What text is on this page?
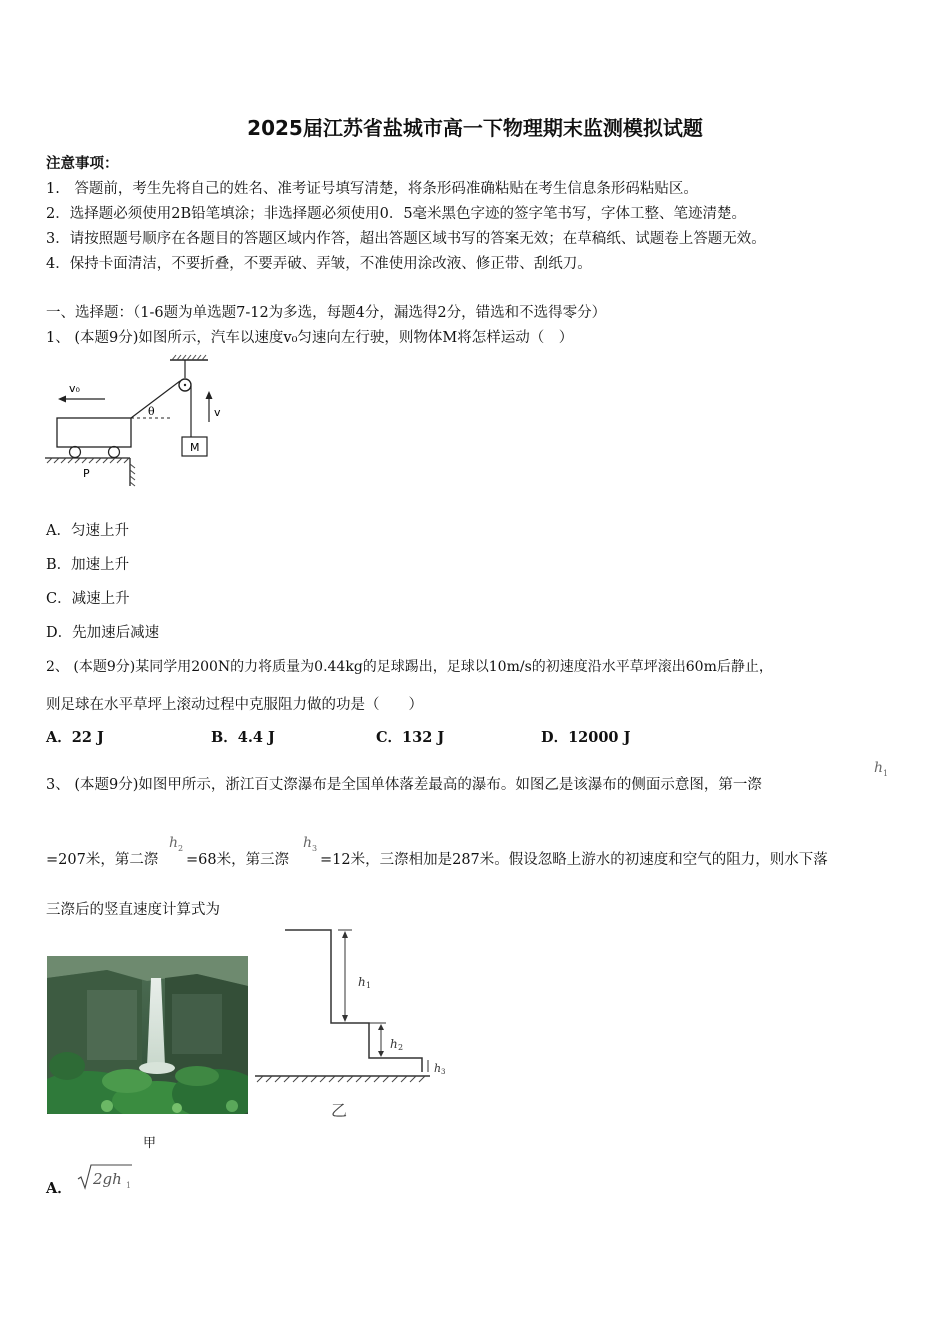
2025届江苏省盐城市高一下物理期末监测模拟试题
注意事项：
1.　答题前，考生先将自己的姓名、准考证号填写清楚，将条形码准确粘贴在考生信息条形码粘贴区。
2．选择题必须使用2B铅笔填涂；非选择题必须使用0．5毫米黑色字迹的签字笔书写，字体工整、笔迹清楚。
3．请按照题号顺序在各题目的答题区域内作答，超出答题区域书写的答案无效；在草稿纸、试题卷上答题无效。
4．保持卡面清洁，不要折叠，不要弄破、弄皱，不准使用涂改液、修正带、刮纸刀。
一、选择题：（1-6题为单选题7-12为多选，每题4分，漏选得2分，错选和不选得零分）
1、 (本题9分)如图所示，汽车以速度v₀匀速向左行驶，则物体M将怎样运动（　）
M
v
θ
v₀
P
A．匀速上升
B．加速上升
C．减速上升
D．先加速后减速
2、 (本题9分)某同学用200N的力将质量为0.44kg的足球踢出，足球以10m/s的初速度沿水平草坪滚出60m后静止，
则足球在水平草坪上滚动过程中克服阻力做的功是（　　）
A．22 J	B．4.4 J	C．132 J	D．12000 J
3、 (本题9分)如图甲所示，浙江百丈漈瀑布是全国单体落差最高的瀑布。如图乙是该瀑布的侧面示意图，第一漈
$h_1$
=207米，第二漈
$h_2$
=68米，第三漈
$h_3$
=12米，三漈相加是287米。假设忽略上游水的初速度和空气的阻力，则水下落
三漈后的竖直速度计算式为
甲
h 1
h 2
h 3
乙
A．
2gh 1
